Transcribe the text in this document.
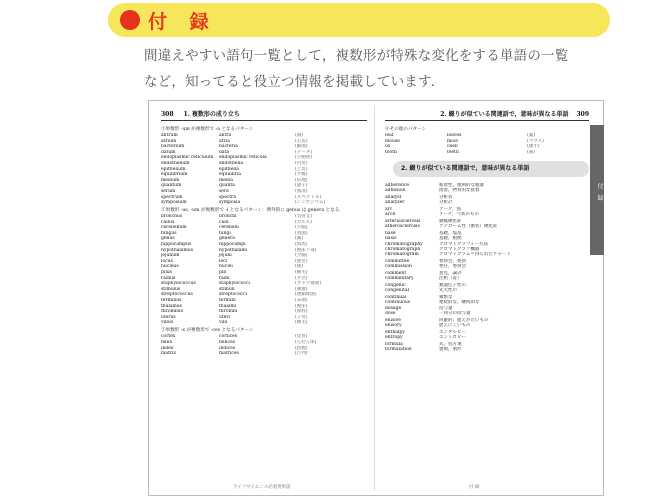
付 録
間違えやすい語句一覧として，複数形が特殊な変化をする単語の一覧
など，知ってると役立つ情報を掲載しています．
308 1. 複数形の成り立ち
①単数形 -um が複数形で -a となるパターン
antrum	antra	(洞)
atrium	atria	(心房)
bacterium	bacteria	(細菌)
datum	data	(データ)
endoplasmic reticulum	endoplasmic reticula	(小胞体)
endothelium	endothelia	(内皮)
epithelium	epithelia	(上皮)
equilibrium	equilibria	(平衡)
medium	media	(培地)
quantum	quanta	(量子)
serum	sera	(血清)
spectrum	spectra	(スペクトル)
symposium	symposia	(シンポジウム)
②単数形 -us, -um が複数形で -i となるパターン：例外的に genus は genera となる．
bronchus	bronchi	(気管支)
callus	calli	(カルス)
cerebellum	cerebelli	(小脳)
fungus	fungi	(真菌)
genus	genera	(属)
hippocampus	hippocampi	(海馬)
hypothalamus	hypothalami	(視床下部)
jejunum	jejuni	(空腸)
locus	loci	(座位)
nucleus	nuclei	(核)
pilus	pili	(線毛)
radius	radii	(半径)
staphylococcus	staphylococci	(ブドウ球菌)
stimulus	stimuli	(刺激)
streptococcus	streptococci	(連鎖球菌)
terminus	termini	(末端)
thalamus	thalami	(視床)
thrombus	thrombi	(血栓)
uterus	uteri	(子宮)
villus	villi	(絨毛)
③単数形 -x が複数形で -ces となるパターン
cortex	cortices	(皮質)
helix	helices	(らせん体)
index	indices	(指標)
matrix	matrices	(行列)
ライフサイエンス必須英単語
2. 綴りが似ている関連語で，意味が異なる単語 309
④その他のパターン
leaf	leaves	(葉)
mouse	mice	(マウス)
ox	oxen	(雄牛)
tooth	teeth	(歯)
2. 綴りが似ている関連語で，意味が異なる単語
adherence	粘着性，規則的な服薬
adhesion	接着，物質的な接着
analyst	分析者
analyzer	分析計
arc	アーク，弧
arch	アーチ，弓状のもの
arteriosclerosis	動脈硬化症
atherosclerosis	アテローム性（粥状）硬化症
base	基礎，塩基
basis	基礎，根拠
chromatography	クロマトグラフィー方法
chromatograph	クロマトグラフ機器
chromatogram	クロマトグラム＝得られたチャート
committee	委員会，委員
commission	委任，委員会
comment	意見，論評
commentary	注釈（書）
congenic	類遺伝子性の
congenital	先天性の
continual	頻繁な
continuous	連続的な，継続的な
dosage	投与量
dose	一回分の投与量
elusive	回避的；捉えがたいもの
elusory	捉えにくいもの
enthalpy	エンタルピー
entropy	エントロピー
formula	式，処方箋
formulation	製剤，剤形
付 録
付 録
